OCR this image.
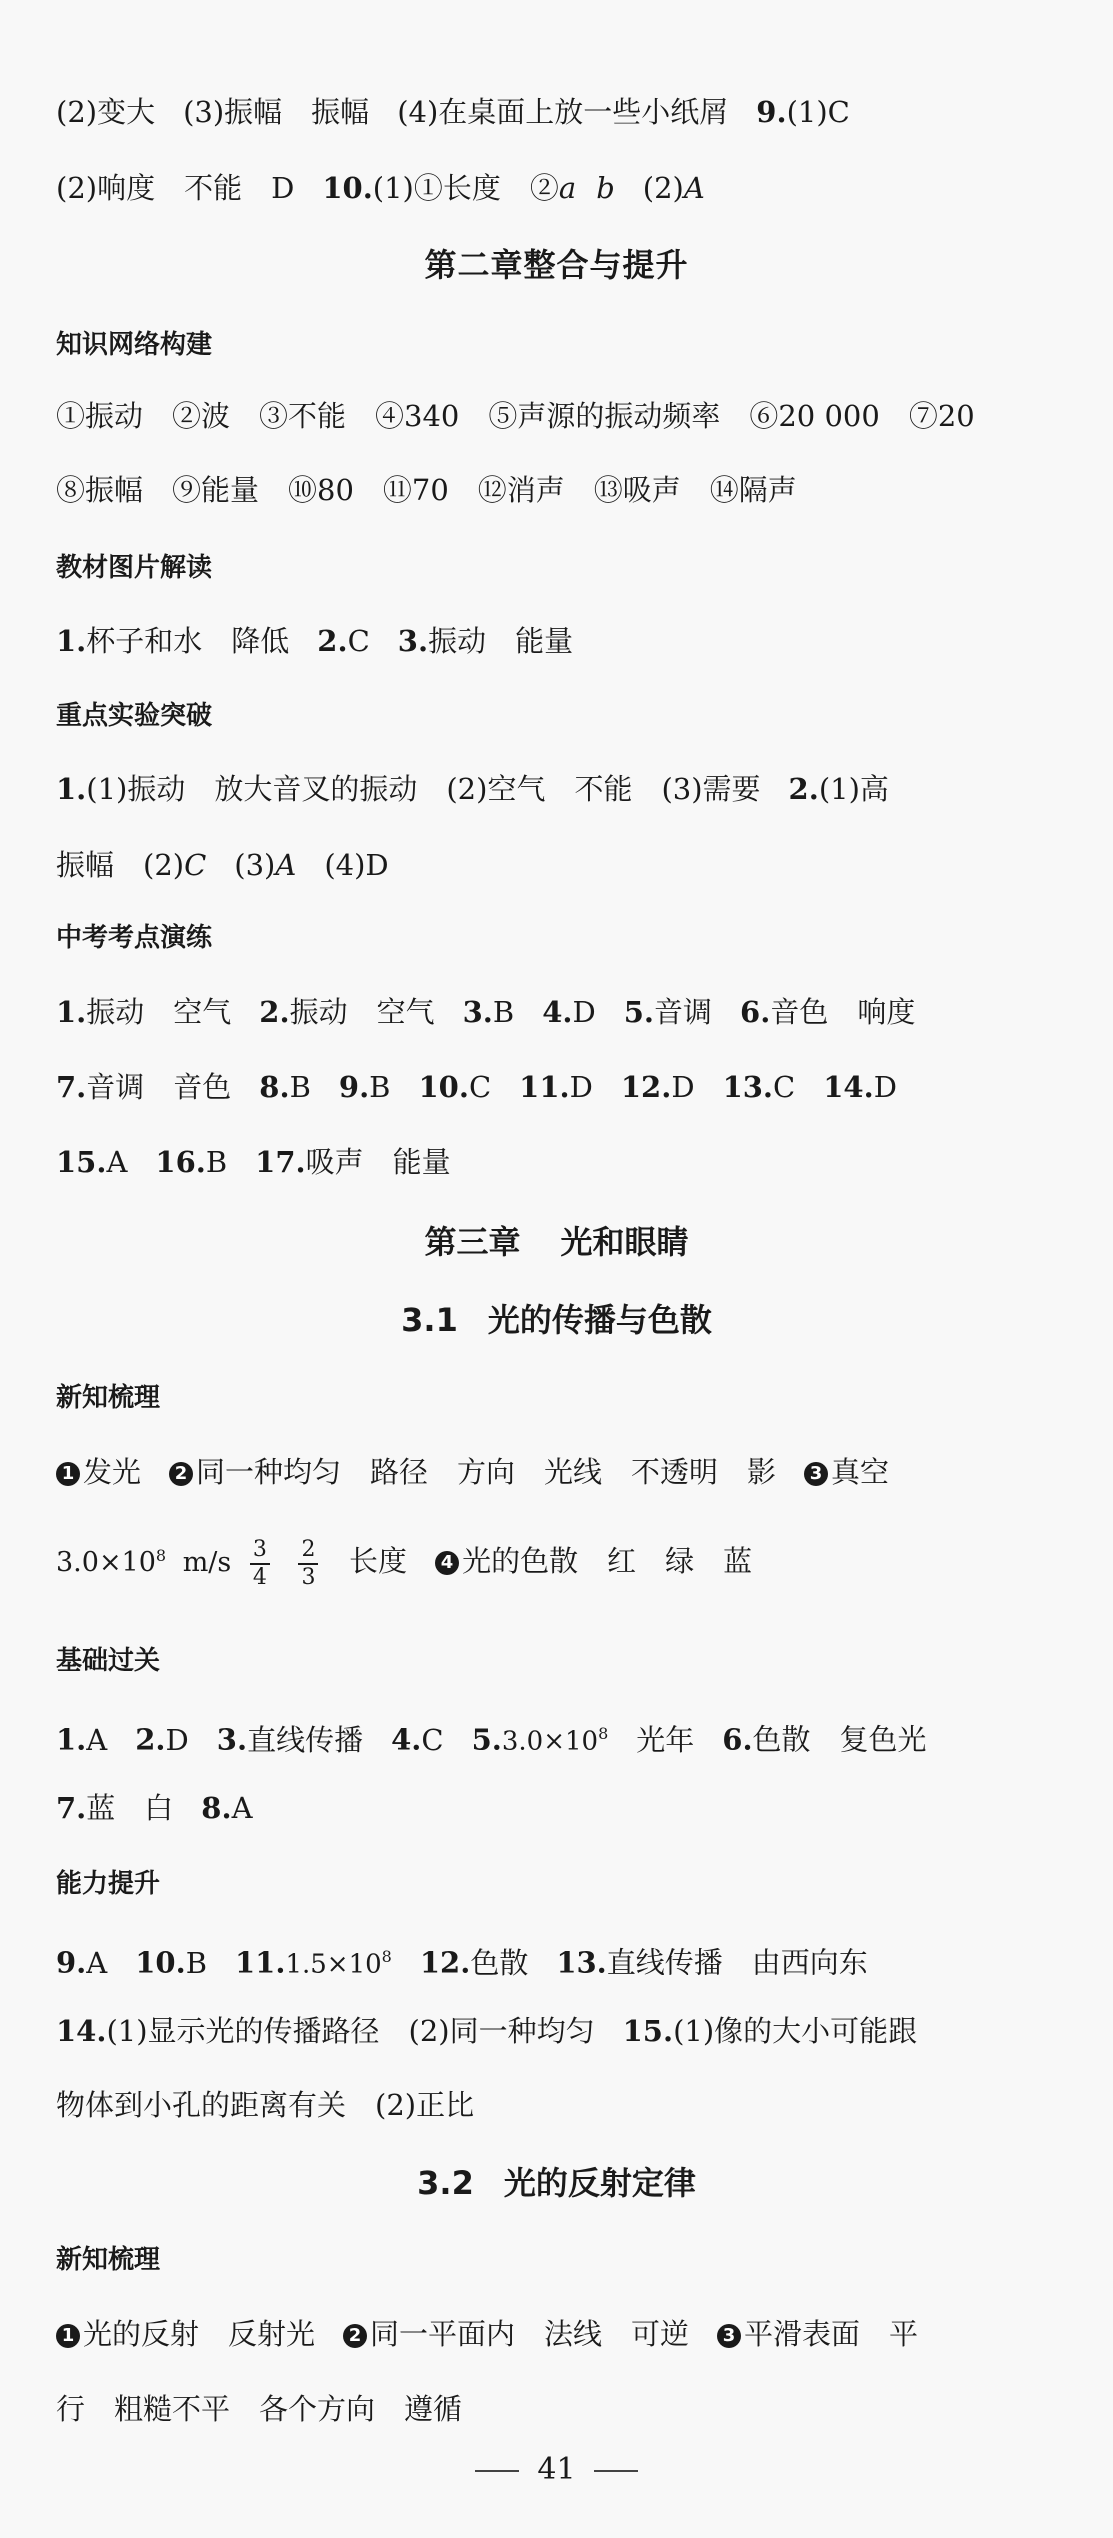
(2)变大 (3)振幅　振幅 (4)在桌面上放一些小纸屑 9.(1)C
(2)响度　不能　D 10.(1)①长度　②a b (2)A
第二章整合与提升
知识网络构建
①振动　②波　③不能　④340　⑤声源的振动频率　⑥20 000　⑦20
⑧振幅　⑨能量　⑩80　⑪70　⑫消声　⑬吸声　⑭隔声
教材图片解读
1.杯子和水　降低 2.C 3.振动　能量
重点实验突破
1.(1)振动　放大音叉的振动　(2)空气　不能　(3)需要 2.(1)高
振幅　(2)C (3)A (4)D
中考考点演练
1.振动　空气 2.振动　空气 3.B 4.D 5.音调 6.音色　响度
7.音调　音色 8.B 9.B 10.C 11.D 12.D 13.C 14.D
15.A 16.B 17.吸声　能量
第三章 光和眼睛
3.1 光的传播与色散
新知梳理
1 发光 2 同一种均匀　路径　方向　光线　不透明　影 3 真空
$3.0\times 10^8$ $m/s \frac{3}{4}$
$\frac{2}{3}$ 长度 4 光的色散　红　绿　蓝
基础过关
1.A 2.D 3.直线传播 4.C $5.3.0\times 10^8$ 光年 6.色散　复色光
7.蓝　白 8.A
能力提升
9.A 10.B $11.1.5\times 10^8$ 12.色散 13.直线传播　由西向东
14.(1)显示光的传播路径　(2)同一种均匀 15.(1)像的大小可能跟
物体到小孔的距离有关　(2)正比
3.2 光的反射定律
新知梳理
1 光的反射　反射光 2 同一平面内　法线　可逆 3 平滑表面　平
行　粗糙不平　各个方向　遵循
41
